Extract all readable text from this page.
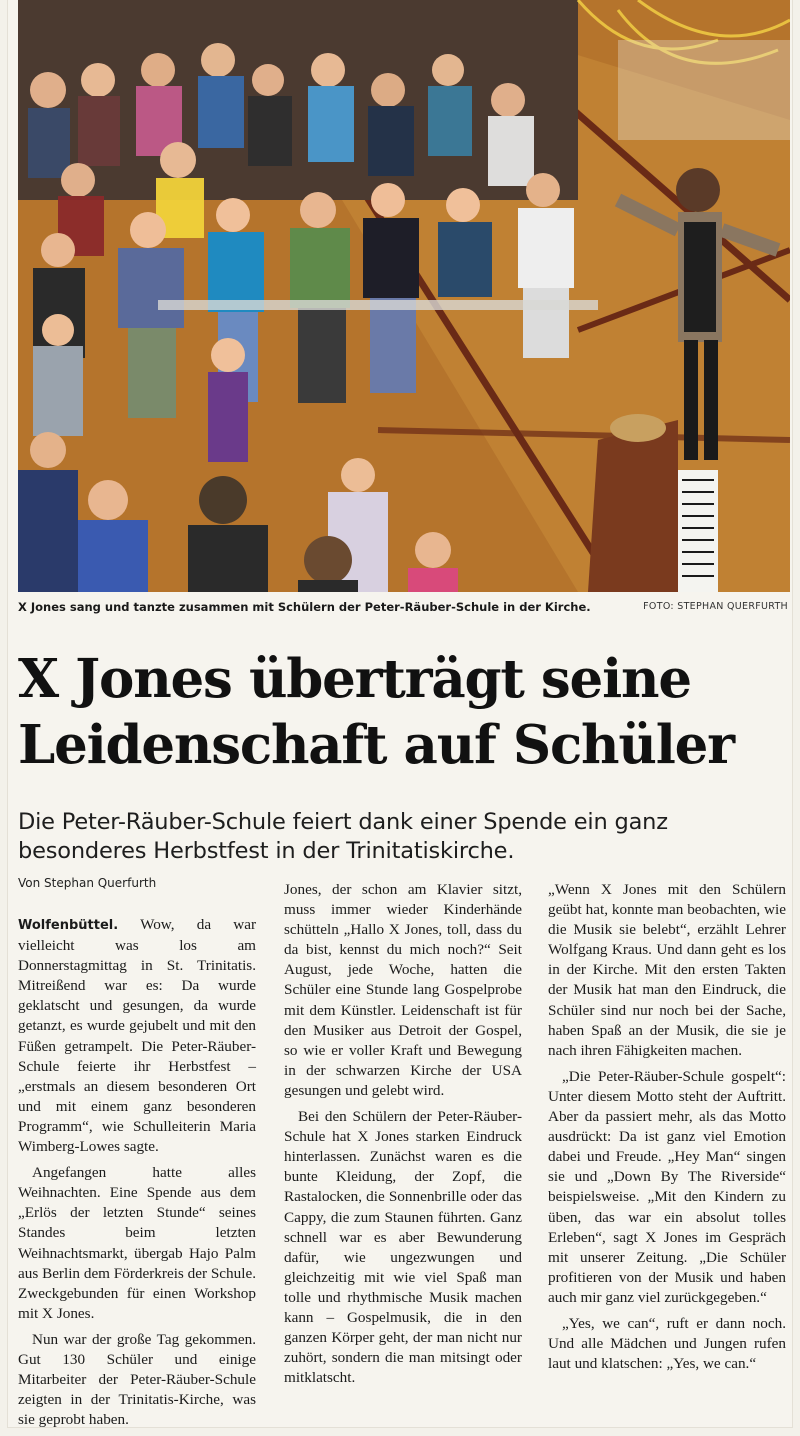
X Jones sang und tanzte zusammen mit Schülern der Peter-Räuber-Schule in der Kirche.	FOTO: STEPHAN QUERFURTH
X Jones überträgt seine
Leidenschaft auf Schüler
Die Peter-Räuber-Schule feiert dank einer Spende ein ganz
besonderes Herbstfest in der Trinitatiskirche.
Von Stephan Querfurth

Wolfenbüttel. Wow, da war vielleicht was los am Donnerstagmittag in St. Trinitatis. Mitreißend war es: Da wurde geklatscht und gesungen, da wurde getanzt, es wurde gejubelt und mit den Füßen getrampelt. Die Peter-Räuber-Schule feierte ihr Herbstfest – „erstmals an diesem besonderen Ort und mit einem ganz besonderen Programm“, wie Schulleiterin Maria Wimberg-Lowes sagte.

Angefangen hatte alles Weihnachten. Eine Spende aus dem „Erlös der letzten Stunde“ seines Standes beim letzten Weihnachtsmarkt, übergab Hajo Palm aus Berlin dem Förderkreis der Schule. Zweckgebunden für einen Workshop mit X Jones.

Nun war der große Tag gekommen. Gut 130 Schüler und einige Mitarbeiter der Peter-Räuber-Schule zeigten in der Trinitatis-Kirche, was sie geprobt haben.

Jones, der schon am Klavier sitzt, muss immer wieder Kinderhände schütteln „Hallo X Jones, toll, dass du da bist, kennst du mich noch?“ Seit August, jede Woche, hatten die Schüler eine Stunde lang Gospelprobe mit dem Künstler. Leidenschaft ist für den Musiker aus Detroit der Gospel, so wie er voller Kraft und Bewegung in der schwarzen Kirche der USA gesungen und gelebt wird.

Bei den Schülern der Peter-Räuber-Schule hat X Jones starken Eindruck hinterlassen. Zunächst waren es die bunte Kleidung, der Zopf, die Rastalocken, die Sonnenbrille oder das Cappy, die zum Staunen führten. Ganz schnell war es aber Bewunderung dafür, wie ungezwungen und gleichzeitig mit wie viel Spaß man tolle und rhythmische Musik machen kann – Gospelmusik, die in den ganzen Körper geht, der man nicht nur zuhört, sondern die man mitsingt oder mitklatscht.

„Wenn X Jones mit den Schülern geübt hat, konnte man beobachten, wie die Musik sie belebt“, erzählt Lehrer Wolfgang Kraus. Und dann geht es los in der Kirche. Mit den ersten Takten der Musik hat man den Eindruck, die Schüler sind nur noch bei der Sache, haben Spaß an der Musik, die sie je nach ihren Fähigkeiten machen.

„Die Peter-Räuber-Schule gospelt“: Unter diesem Motto steht der Auftritt. Aber da passiert mehr, als das Motto ausdrückt: Da ist ganz viel Emotion dabei und Freude. „Hey Man“ singen sie und „Down By The Riverside“ beispielsweise. „Mit den Kindern zu üben, das war ein absolut tolles Erleben“, sagt X Jones im Gespräch mit unserer Zeitung. „Die Schüler profitieren von der Musik und haben auch mir ganz viel zurückgegeben.“

„Yes, we can“, ruft er dann noch. Und alle Mädchen und Jungen rufen laut und klatschen: „Yes, we can.“
